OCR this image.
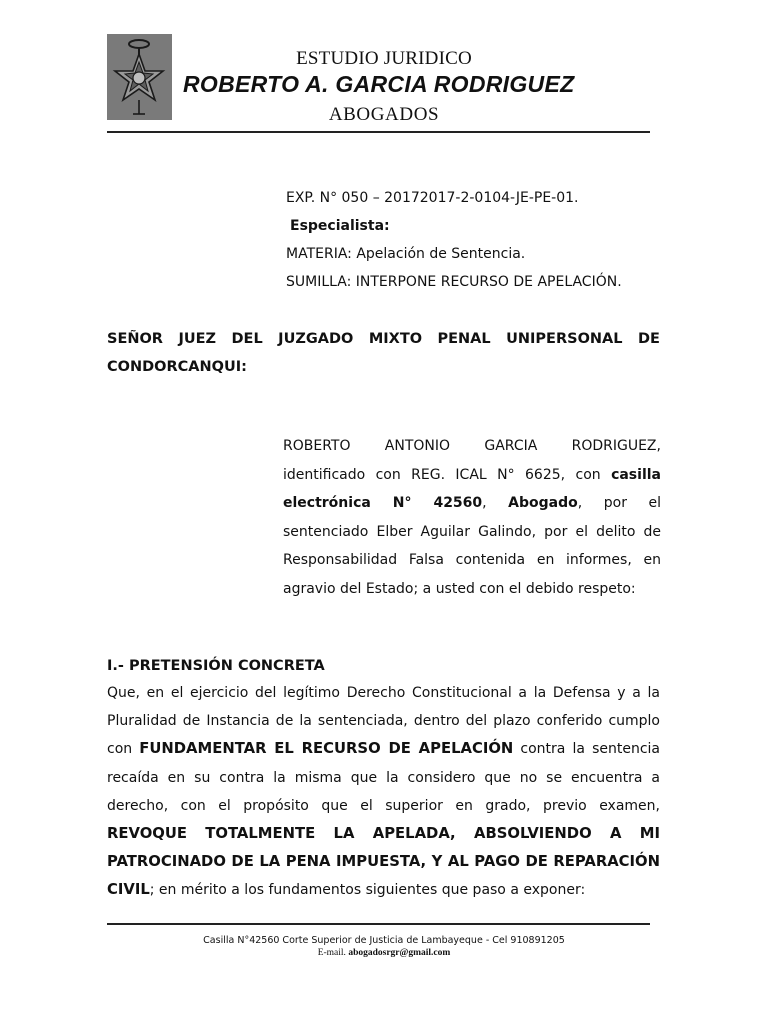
ESTUDIO JURIDICO
ROBERTO A. GARCIA RODRIGUEZ
ABOGADOS
EXP. N° 050 – 20172017-2-0104-JE-PE-01.
Especialista:
MATERIA: Apelación de Sentencia.
SUMILLA: INTERPONE RECURSO DE APELACIÓN.
SEÑOR JUEZ DEL JUZGADO MIXTO PENAL UNIPERSONAL DE
CONDORCANQUI:
ROBERTO ANTONIO GARCIA RODRIGUEZ,
identificado con REG. ICAL N° 6625, con casilla electrónica N° 42560, Abogado, por el sentenciado Elber Aguilar Galindo, por el delito de Responsabilidad Falsa contenida en informes, en agravio del Estado; a usted con el debido respeto:
I.- PRETENSIÓN CONCRETA
Que, en el ejercicio del legítimo Derecho Constitucional a la Defensa y a la Pluralidad de Instancia de la sentenciada, dentro del plazo conferido cumplo con FUNDAMENTAR EL RECURSO DE APELACIÓN contra la sentencia recaída en su contra la misma que la considero que no se encuentra a derecho, con el propósito que el superior en grado, previo examen, REVOQUE TOTALMENTE LA APELADA, ABSOLVIENDO A MI PATROCINADO DE LA PENA IMPUESTA, Y AL PAGO DE REPARACIÓN CIVIL; en mérito a los fundamentos siguientes que paso a exponer:
Casilla N°42560 Corte Superior de Justicia de Lambayeque - Cel 910891205
E-mail. abogadosrgr@gmail.com
